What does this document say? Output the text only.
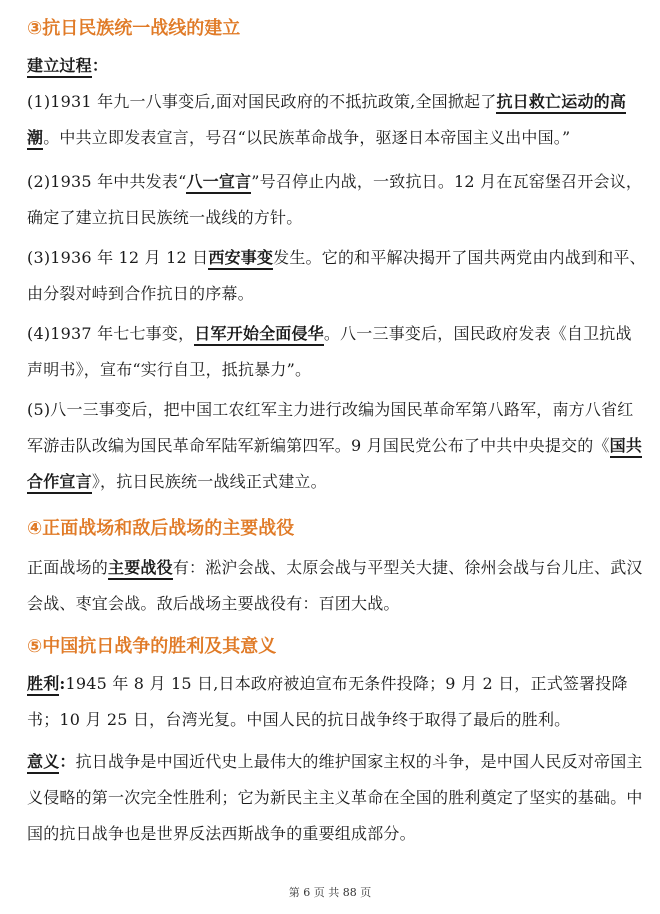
③抗日民族统一战线的建立

建立过程：

(1)1931 年九一八事变后,面对国民政府的不抵抗政策,全国掀起了抗日救亡运动的高潮。中共立即发表宣言，号召“以民族革命战争，驱逐日本帝国主义出中国。”

(2)1935 年中共发表“八一宣言”号召停止内战，一致抗日。12 月在瓦窑堡召开会议，确定了建立抗日民族统一战线的方针。

(3)1936 年 12 月 12 日西安事变发生。它的和平解决揭开了国共两党由内战到和平、由分裂对峙到合作抗日的序幕。

(4)1937 年七七事变，日军开始全面侵华。八一三事变后，国民政府发表《自卫抗战声明书》，宣布“实行自卫，抵抗暴力”。

(5)八一三事变后，把中国工农红军主力进行改编为国民革命军第八路军，南方八省红军游击队改编为国民革命军陆军新编第四军。9 月国民党公布了中共中央提交的《国共合作宣言》，抗日民族统一战线正式建立。

④正面战场和敌后战场的主要战役

正面战场的主要战役有：淞沪会战、太原会战与平型关大捷、徐州会战与台儿庄、武汉会战、枣宜会战。敌后战场主要战役有：百团大战。

⑤中国抗日战争的胜利及其意义

胜利:1945 年 8 月 15 日,日本政府被迫宣布无条件投降；9 月 2 日，正式签署投降书；10 月 25 日，台湾光复。中国人民的抗日战争终于取得了最后的胜利。

意义：抗日战争是中国近代史上最伟大的维护国家主权的斗争，是中国人民反对帝国主义侵略的第一次完全性胜利；它为新民主主义革命在全国的胜利奠定了坚实的基础。中国的抗日战争也是世界反法西斯战争的重要组成部分。

第 6 页 共 88 页
